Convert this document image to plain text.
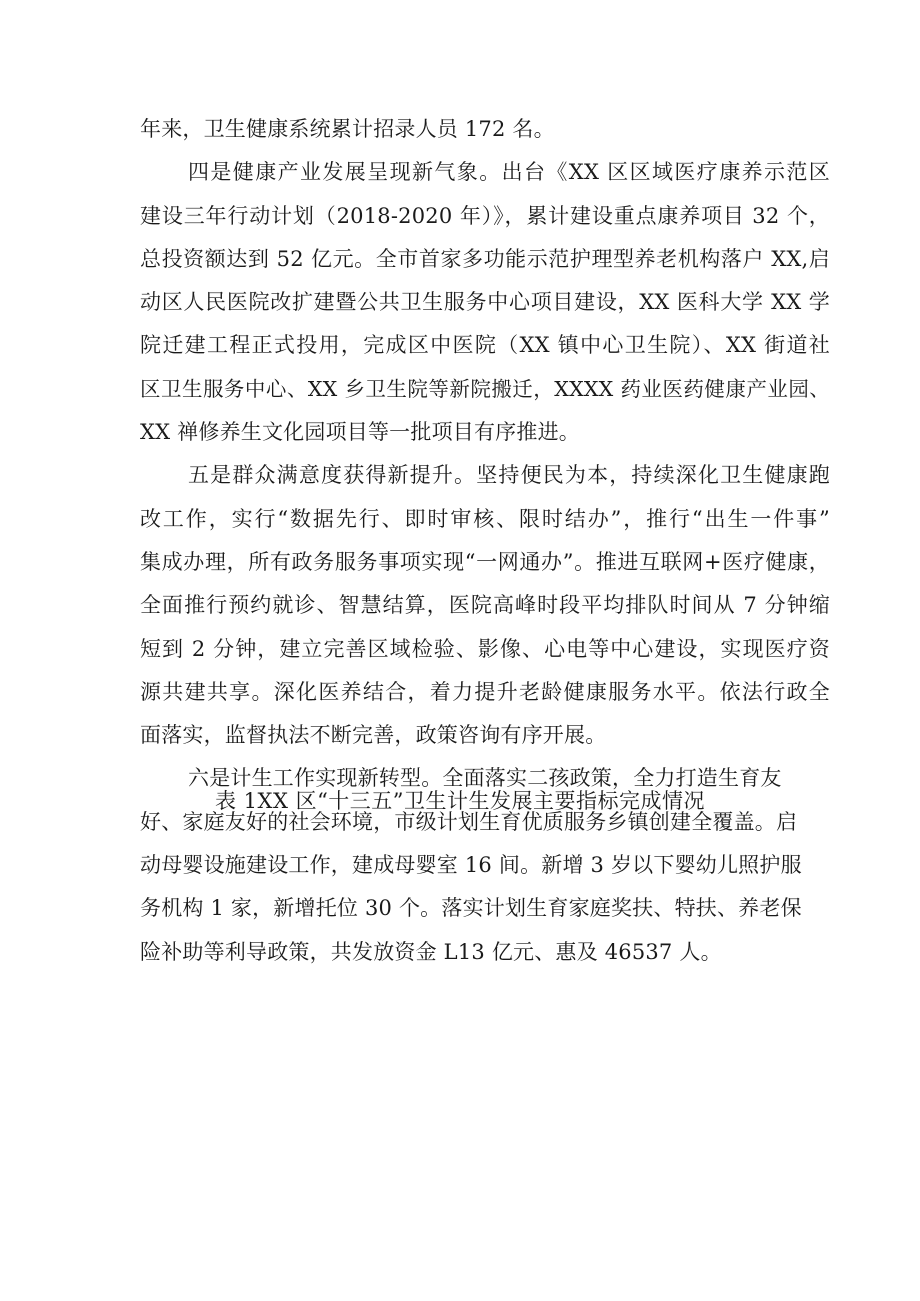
年来，卫生健康系统累计招录人员 172 名。
四是健康产业发展呈现新气象。出台《XX 区区域医疗康养示范区
建设三年行动计划（2018-2020 年）》，累计建设重点康养项目 32 个，
总投资额达到 52 亿元。全市首家多功能示范护理型养老机构落户 XX,启
动区人民医院改扩建暨公共卫生服务中心项目建设，XX 医科大学 XX 学
院迁建工程正式投用，完成区中医院（XX 镇中心卫生院）、XX 街道社
区卫生服务中心、XX 乡卫生院等新院搬迁，XXXX 药业医药健康产业园、
XX 禅修养生文化园项目等一批项目有序推进。
五是群众满意度获得新提升。坚持便民为本，持续深化卫生健康跑
改工作，实行“数据先行、即时审核、限时结办”，推行“出生一件事”
集成办理，所有政务服务事项实现“一网通办”。推进互联网+医疗健康，
全面推行预约就诊、智慧结算，医院高峰时段平均排队时间从 7 分钟缩
短到 2 分钟，建立完善区域检验、影像、心电等中心建设，实现医疗资
源共建共享。深化医养结合，着力提升老龄健康服务水平。依法行政全
面落实，监督执法不断完善，政策咨询有序开展。
六是计生工作实现新转型。全面落实二孩政策，全力打造生育友
好、家庭友好的社会环境，市级计划生育优质服务乡镇创建全覆盖。启
动母婴设施建设工作，建成母婴室 16 间。新增 3 岁以下婴幼儿照护服
务机构 1 家，新增托位 30 个。落实计划生育家庭奖扶、特扶、养老保
险补助等利导政策，共发放资金 L13 亿元、惠及 46537 人。
表 1XX 区“十三五”卫生计生发展主要指标完成情况
